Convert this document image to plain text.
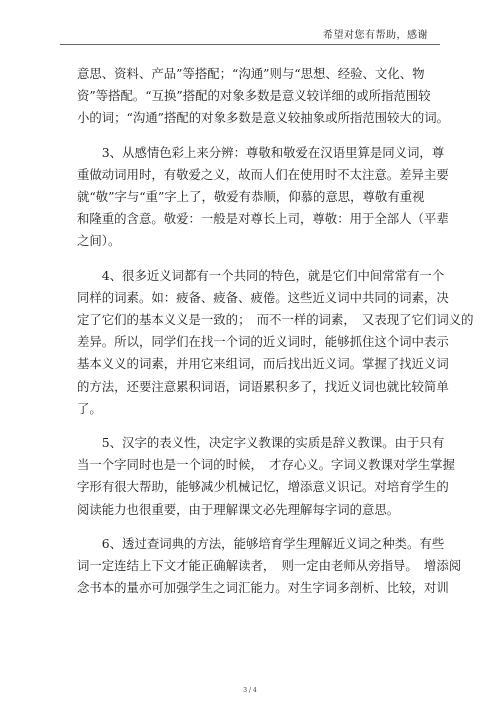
希望对您有帮助，感谢
意思、资料、产品”等搭配；“沟通”则与“思想、经验、文化、物
资”等搭配。“互换”搭配的对象多数是意义较详细的或所指范围较
小的词；“沟通”搭配的对象多数是意义较抽象或所指范围较大的词。
　　3、从感情色彩上来分辨：尊敬和敬爱在汉语里算是同义词，尊
重做动词用时，有敬爱之义，故而人们在使用时不太注意。差异主要
就“敬”字与“重”字上了，敬爱有恭顺，仰慕的意思，尊敬有重视
和隆重的含意。敬爱：一般是对尊长上司，尊敬：用于全部人（平辈
之间）。
　　4、很多近义词都有一个共同的特色，就是它们中间常常有一个
同样的词素。如：疲备、疲备、疲倦。这些近义词中共同的词素，决
定了它们的基本义义是一致的；　而不一样的词素，　又表现了它们词义的
差异。所以，同学们在找一个词的近义词时，能够抓住这个词中表示
基本义义的词素，并用它来组词，而后找出近义词。掌握了找近义词
的方法，还要注意累积词语，词语累积多了，找近义词也就比较简单
了。
　　5、汉字的表义性，决定字义教课的实质是辞义教课。由于只有
当一个字同时也是一个词的时候，　才存心义。字词义教课对学生掌握
字形有很大帮助，能够减少机械记忆，增添意义识记。对培育学生的
阅读能力也很重要，由于理解课文必先理解每字词的意思。
　　6、透过查词典的方法，能够培育学生理解近义词之种类。有些
词一定连结上下文才能正确解读者，　则一定由老师从旁指导。　增添阅
念书本的量亦可加强学生之词汇能力。对生字词多剖析、比较，对训
3 / 4
